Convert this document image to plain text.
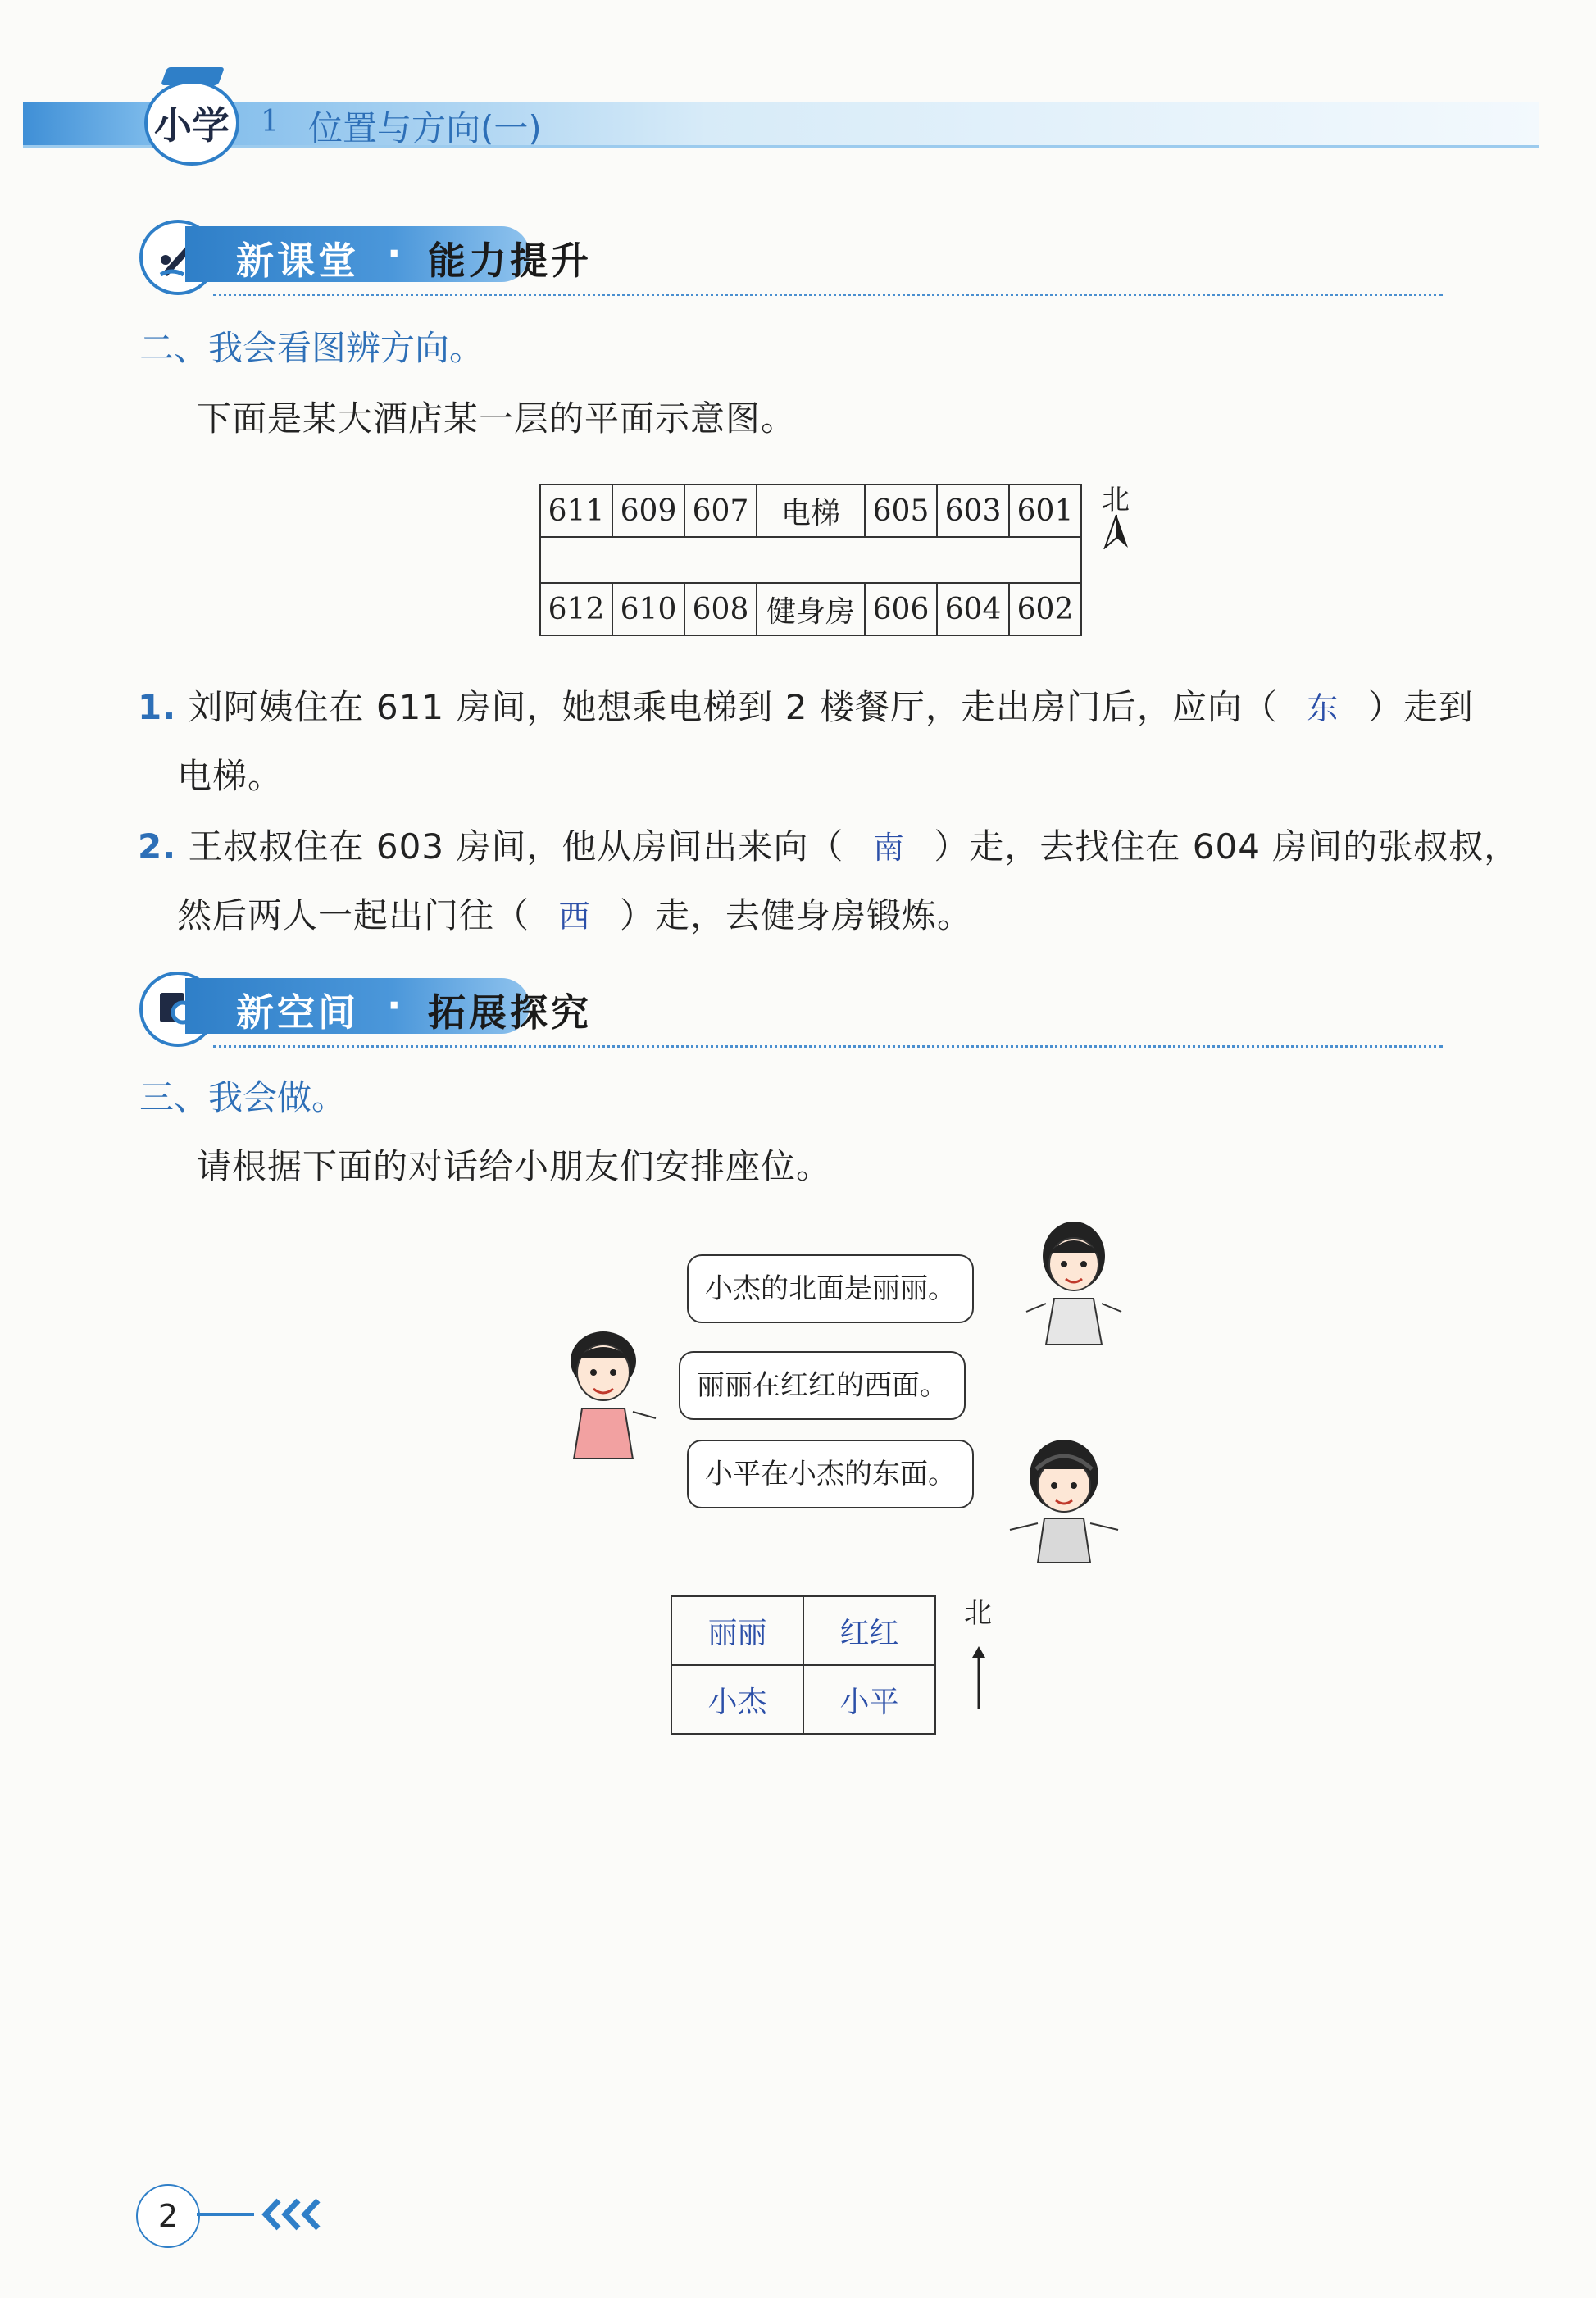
小学 1 位置与方向(一)
新课堂 · 能力提升
二、我会看图辨方向。
下面是某大酒店某一层的平面示意图。
611	609	607	电梯	605	603	601

612	610	608	健身房	606	604	602
北
1. 刘阿姨住在 611 房间，她想乘电梯到 2 楼餐厅，走出房门后，应向（ 东 ）走到
电梯。
2. 王叔叔住在 603 房间，他从房间出来向（ 南 ）走，去找住在 604 房间的张叔叔，
然后两人一起出门往（ 西 ）走，去健身房锻炼。
新空间 · 拓展探究
三、我会做。
请根据下面的对话给小朋友们安排座位。
小杰的北面是丽丽。
丽丽在红红的西面。
小平在小杰的东面。
丽丽	红红
小杰	小平
北
2
